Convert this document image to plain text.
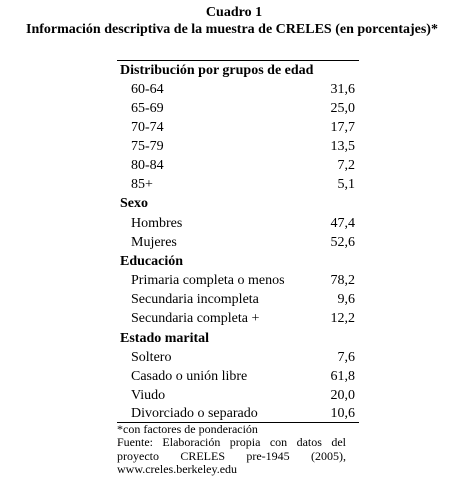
Cuadro 1
Información descriptiva de la muestra de CRELES (en porcentajes)*
Distribución por grupos de edad
60-64	31,6
65-69	25,0
70-74	17,7
75-79	13,5
80-84	7,2
85+	5,1
Sexo
Hombres	47,4
Mujeres	52,6
Educación
Primaria completa o menos	78,2
Secundaria incompleta	9,6
Secundaria completa +	12,2
Estado marital
Soltero	7,6
Casado o unión libre	61,8
Viudo	20,0
Divorciado o separado	10,6
*con factores de ponderación
Fuente: Elaboración propia con datos del
proyecto CRELES pre-1945 (2005),
www.creles.berkeley.edu
